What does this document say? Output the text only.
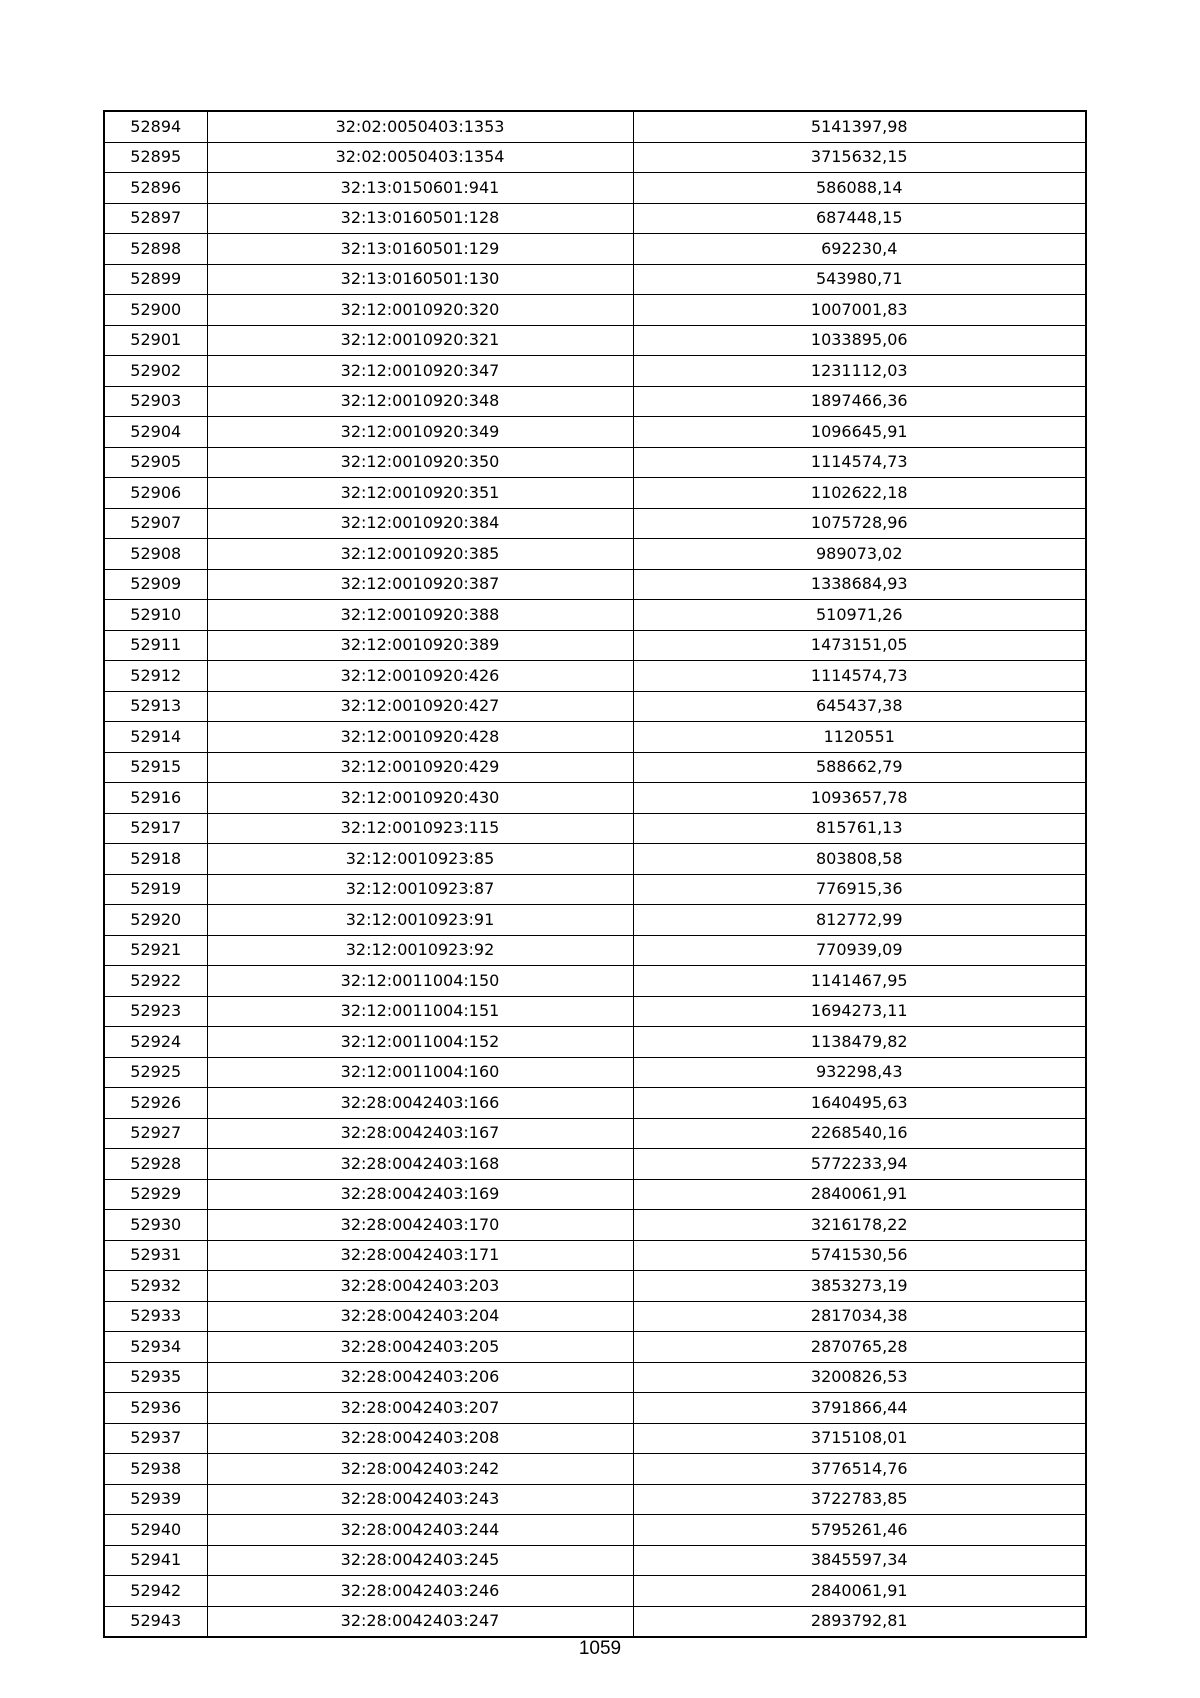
52894	32:02:0050403:1353	5141397,98
52895	32:02:0050403:1354	3715632,15
52896	32:13:0150601:941	586088,14
52897	32:13:0160501:128	687448,15
52898	32:13:0160501:129	692230,4
52899	32:13:0160501:130	543980,71
52900	32:12:0010920:320	1007001,83
52901	32:12:0010920:321	1033895,06
52902	32:12:0010920:347	1231112,03
52903	32:12:0010920:348	1897466,36
52904	32:12:0010920:349	1096645,91
52905	32:12:0010920:350	1114574,73
52906	32:12:0010920:351	1102622,18
52907	32:12:0010920:384	1075728,96
52908	32:12:0010920:385	989073,02
52909	32:12:0010920:387	1338684,93
52910	32:12:0010920:388	510971,26
52911	32:12:0010920:389	1473151,05
52912	32:12:0010920:426	1114574,73
52913	32:12:0010920:427	645437,38
52914	32:12:0010920:428	1120551
52915	32:12:0010920:429	588662,79
52916	32:12:0010920:430	1093657,78
52917	32:12:0010923:115	815761,13
52918	32:12:0010923:85	803808,58
52919	32:12:0010923:87	776915,36
52920	32:12:0010923:91	812772,99
52921	32:12:0010923:92	770939,09
52922	32:12:0011004:150	1141467,95
52923	32:12:0011004:151	1694273,11
52924	32:12:0011004:152	1138479,82
52925	32:12:0011004:160	932298,43
52926	32:28:0042403:166	1640495,63
52927	32:28:0042403:167	2268540,16
52928	32:28:0042403:168	5772233,94
52929	32:28:0042403:169	2840061,91
52930	32:28:0042403:170	3216178,22
52931	32:28:0042403:171	5741530,56
52932	32:28:0042403:203	3853273,19
52933	32:28:0042403:204	2817034,38
52934	32:28:0042403:205	2870765,28
52935	32:28:0042403:206	3200826,53
52936	32:28:0042403:207	3791866,44
52937	32:28:0042403:208	3715108,01
52938	32:28:0042403:242	3776514,76
52939	32:28:0042403:243	3722783,85
52940	32:28:0042403:244	5795261,46
52941	32:28:0042403:245	3845597,34
52942	32:28:0042403:246	2840061,91
52943	32:28:0042403:247	2893792,81
1059
